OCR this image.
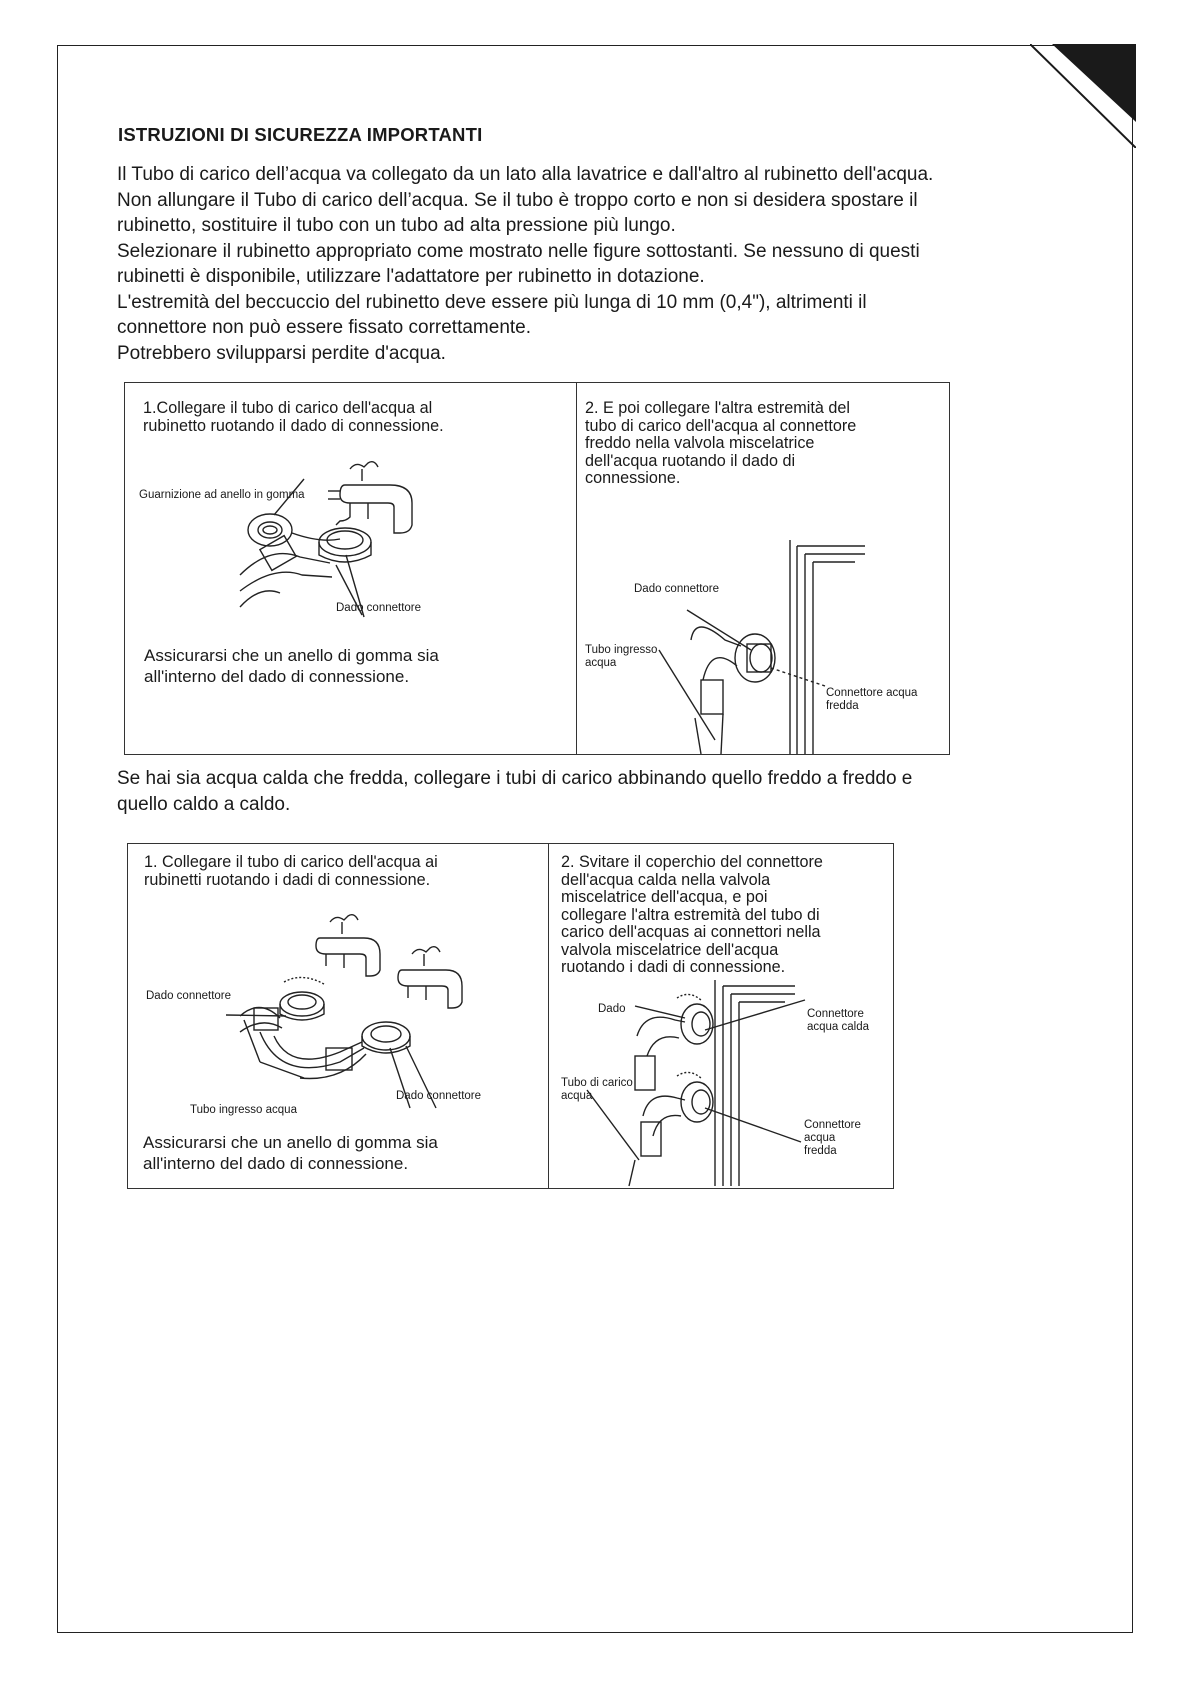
ISTRUZIONI DI SICUREZZA IMPORTANTI

Il Tubo di carico dell’acqua va collegato da un lato alla lavatrice e dall'altro al rubinetto dell'acqua.

Non allungare il Tubo di carico dell’acqua. Se il tubo è troppo corto e non si desidera spostare il

rubinetto, sostituire il tubo con un tubo ad alta pressione più lungo.

Selezionare il rubinetto appropriato come mostrato nelle figure sottostanti. Se nessuno di questi

rubinetti è disponibile, utilizzare l'adattatore per rubinetto in dotazione.

L'estremità del beccuccio del rubinetto deve essere più lunga di 10 mm (0,4"), altrimenti il

connettore non può essere fissato correttamente.

Potrebbero svilupparsi perdite d'acqua.

1.Collegare il tubo di carico dell'acqua al
rubinetto ruotando il dado di connessione.
Guarnizione ad anello in gomma
Dado connettore
Assicurarsi che un anello di gomma sia
all'interno del dado di connessione.
2. E poi collegare l'altra estremità del
tubo di carico dell'acqua al connettore
freddo nella valvola miscelatrice
dell'acqua ruotando il dado di
connessione.
Dado connettore
Tubo ingresso
acqua
Connettore acqua
fredda
Se hai sia acqua calda che fredda, collegare i tubi di carico abbinando quello freddo a freddo e
quello caldo a caldo.
1. Collegare il tubo di carico dell'acqua ai
rubinetti ruotando i dadi di connessione.
Dado connettore
Dado connettore
Tubo ingresso acqua
Assicurarsi che un anello di gomma sia
all'interno del dado di connessione.
2. Svitare il coperchio del connettore
dell'acqua calda nella valvola
miscelatrice dell'acqua, e poi
collegare l'altra estremità del tubo di
carico dell'acquas ai connettori nella
valvola miscelatrice dell'acqua
ruotando i dadi di connessione.
Dado	Connettore
acqua calda
Tubo di carico
acqua
Connettore
acqua
fredda
